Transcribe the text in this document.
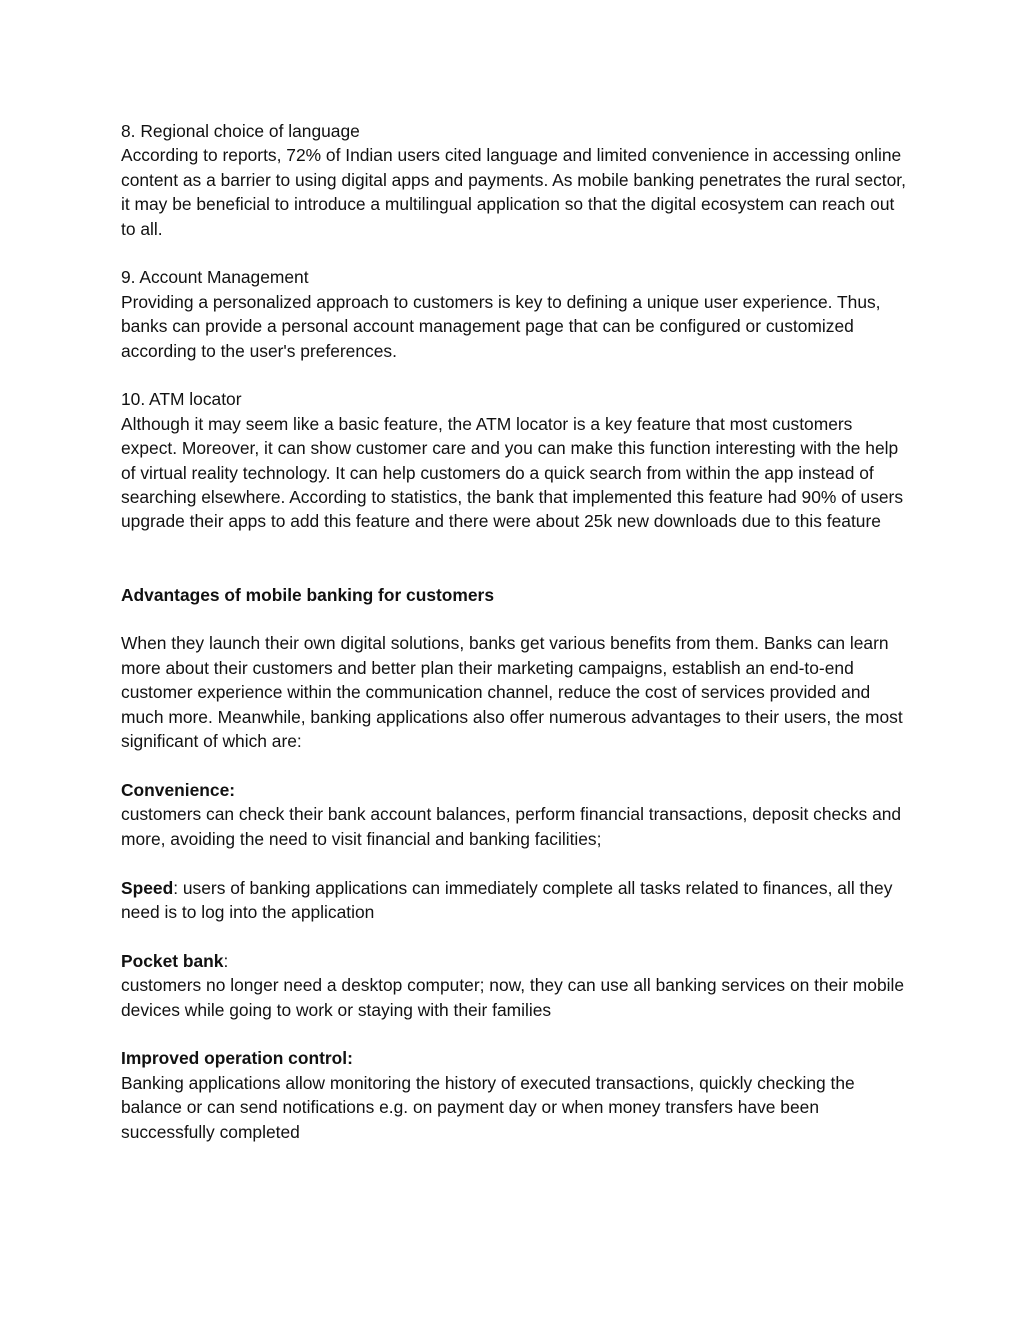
8. Regional choice of language

According to reports, 72% of Indian users cited language and limited convenience in accessing online content as a barrier to using digital apps and payments. As mobile banking penetrates the rural sector, it may be beneficial to introduce a multilingual application so that the digital ecosystem can reach out to all.

9. Account Management

Providing a personalized approach to customers is key to defining a unique user experience. Thus, banks can provide a personal account management page that can be configured or customized according to the user's preferences.

10. ATM locator

Although it may seem like a basic feature, the ATM locator is a key feature that most customers expect. Moreover, it can show customer care and you can make this function interesting with the help of virtual reality technology. It can help customers do a quick search from within the app instead of searching elsewhere. According to statistics, the bank that implemented this feature had 90% of users upgrade their apps to add this feature and there were about 25k new downloads due to this feature

Advantages of mobile banking for customers

When they launch their own digital solutions, banks get various benefits from them. Banks can learn more about their customers and better plan their marketing campaigns, establish an end-to-end customer experience within the communication channel, reduce the cost of services provided and much more. Meanwhile, banking applications also offer numerous advantages to their users, the most significant of which are:

Convenience:

customers can check their bank account balances, perform financial transactions, deposit checks and more, avoiding the need to visit financial and banking facilities;

Speed: users of banking applications can immediately complete all tasks related to finances, all they need is to log into the application

Pocket bank:

customers no longer need a desktop computer; now, they can use all banking services on their mobile devices while going to work or staying with their families

Improved operation control:

Banking applications allow monitoring the history of executed transactions, quickly checking the balance or can send notifications e.g. on payment day or when money transfers have been successfully completed
